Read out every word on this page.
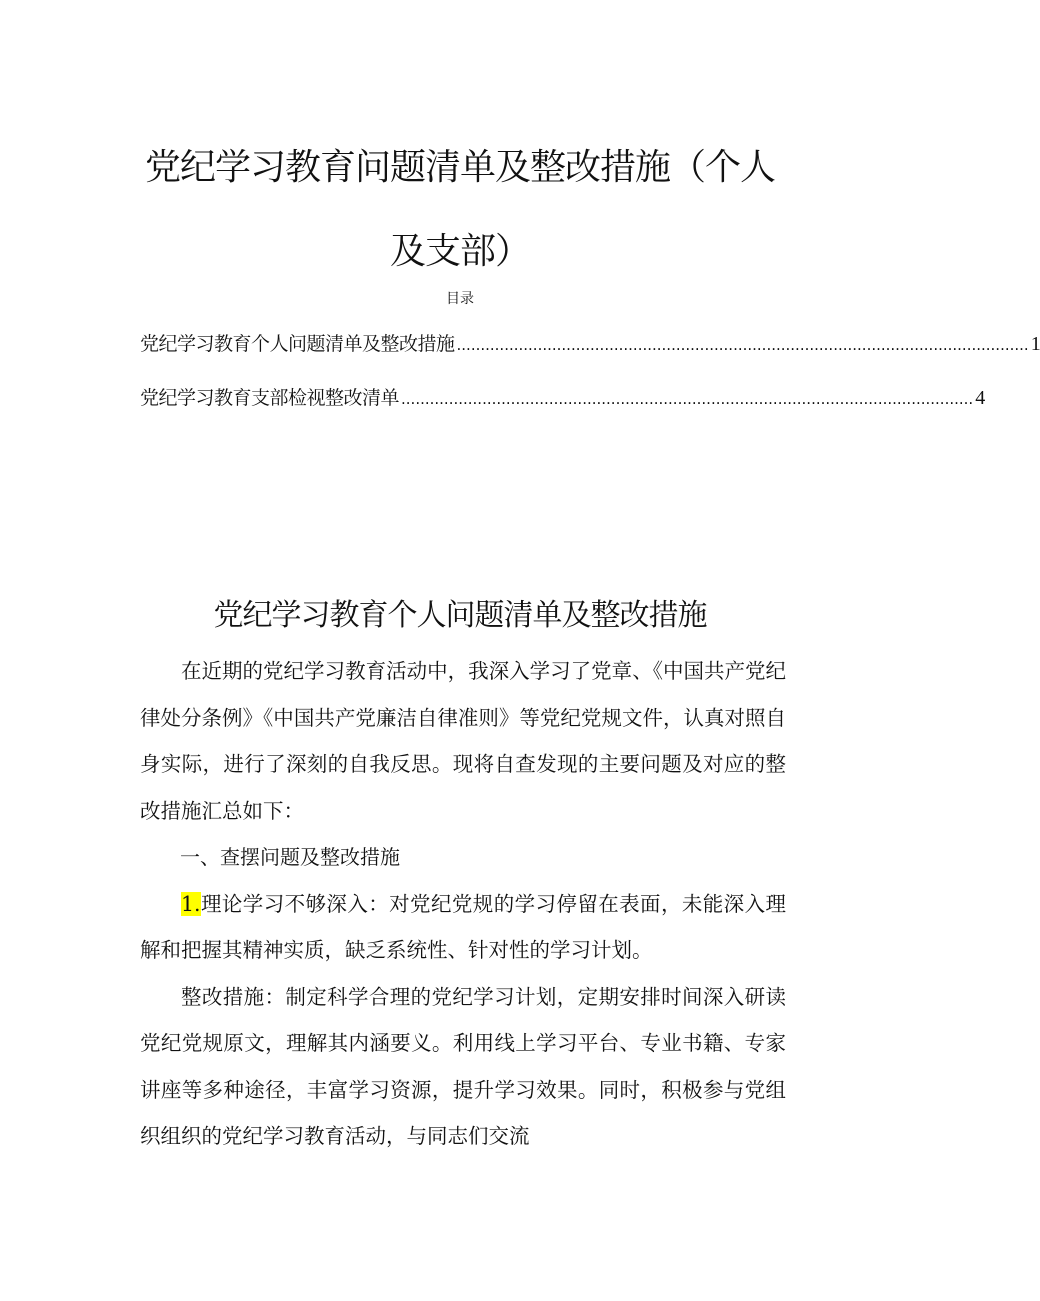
党纪学习教育问题清单及整改措施（个人及支部）
目录
党纪学习教育个人问题清单及整改措施 ........................................................................................................................ 1
党纪学习教育支部检视整改清单 ........................................................................................................................ 4
党纪学习教育个人问题清单及整改措施

在近期的党纪学习教育活动中，我深入学习了党章、《中国共产党纪律处分条例》《中国共产党廉洁自律准则》等党纪党规文件，认真对照自身实际，进行了深刻的自我反思。现将自查发现的主要问题及对应的整改措施汇总如下：

一、查摆问题及整改措施

1.理论学习不够深入：对党纪党规的学习停留在表面，未能深入理解和把握其精神实质，缺乏系统性、针对性的学习计划。

整改措施：制定科学合理的党纪学习计划，定期安排时间深入研读党纪党规原文，理解其内涵要义。利用线上学习平台、专业书籍、专家讲座等多种途径，丰富学习资源，提升学习效果。同时，积极参与党组织组织的党纪学习教育活动，与同志们交流
